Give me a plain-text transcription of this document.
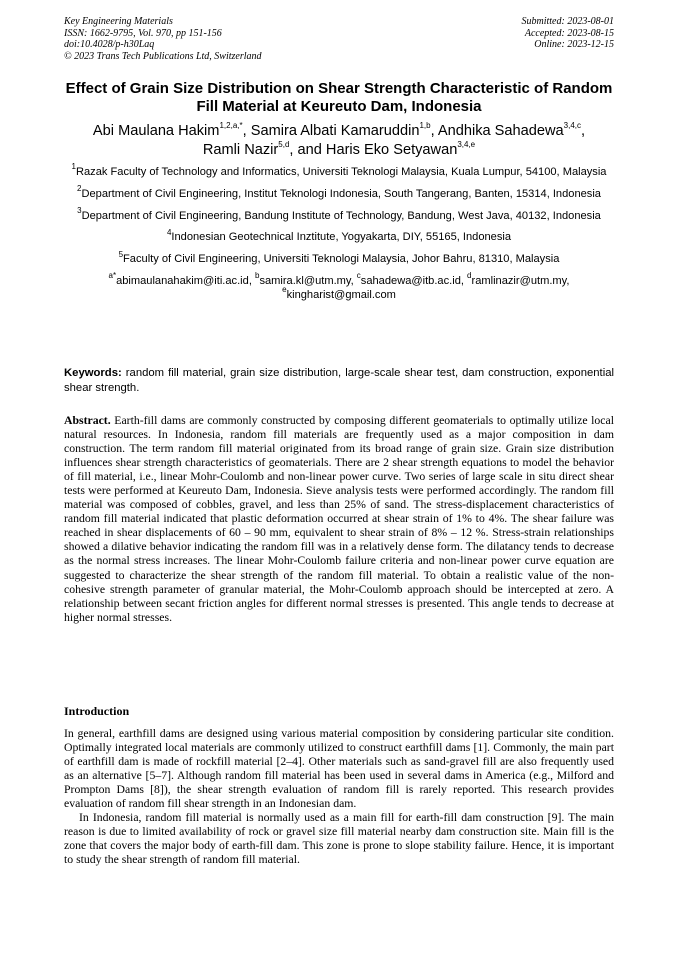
Key Engineering Materials
ISSN: 1662-9795, Vol. 970, pp 151-156
doi:10.4028/p-h30Laq
© 2023 Trans Tech Publications Ltd, Switzerland
Submitted: 2023-08-01
Accepted: 2023-08-15
Online: 2023-12-15
Effect of Grain Size Distribution on Shear Strength Characteristic of Random Fill Material at Keureuto Dam, Indonesia
Abi Maulana Hakim$^{1,2,a,*}$, Samira Albati Kamaruddin$^{1,b}$, Andhika Sahadewa$^{3,4,c}$,
Ramli Nazir$^{5,d}$, and Haris Eko Setyawan$^{3,4,e}$
$^1$Razak Faculty of Technology and Informatics, Universiti Teknologi Malaysia, Kuala Lumpur, 54100, Malaysia
$^2$Department of Civil Engineering, Institut Teknologi Indonesia, South Tangerang, Banten, 15314, Indonesia
$^3$Department of Civil Engineering, Bandung Institute of Technology, Bandung, West Java, 40132, Indonesia
$^4$Indonesian Geotechnical Inztitute, Yogyakarta, DIY, 55165, Indonesia
$^5$Faculty of Civil Engineering, Universiti Teknologi Malaysia, Johor Bahru, 81310, Malaysia
$^{a*}$abimaulanahakim@iti.ac.id, $^b$samira.kl@utm.my, $^c$sahadewa@itb.ac.id, $^d$ramlinazir@utm.my,
$^e$kingharist@gmail.com
Keywords: random fill material, grain size distribution, large-scale shear test, dam construction, exponential shear strength.
Abstract. Earth-fill dams are commonly constructed by composing different geomaterials to optimally utilize local natural resources. In Indonesia, random fill materials are frequently used as a major composition in dam construction. The term random fill material originated from its broad range of grain size. Grain size distribution influences shear strength characteristics of geomaterials. There are 2 shear strength equations to model the behavior of fill material, i.e., linear Mohr-Coulomb and non-linear power curve. Two series of large scale in situ direct shear tests were performed at Keureuto Dam, Indonesia. Sieve analysis tests were performed accordingly. The random fill material was composed of cobbles, gravel, and less than 25% of sand. The stress-displacement characteristics of random fill material indicated that plastic deformation occurred at shear strain of 1% to 4%. The shear failure was reached in shear displacements of 60 – 90 mm, equivalent to shear strain of 8% – 12 %. Stress-strain relationships showed a dilative behavior indicating the random fill was in a relatively dense form. The dilatancy tends to decrease as the normal stress increases. The linear Mohr-Coulomb failure criteria and non-linear power curve equation are suggested to characterize the shear strength of the random fill material. To obtain a realistic value of the non-cohesive strength parameter of granular material, the Mohr-Coulomb approach should be intercepted at zero. A relationship between secant friction angles for different normal stresses is presented. This angle tends to decrease at higher normal stresses.
Introduction

In general, earthfill dams are designed using various material composition by considering particular site condition. Optimally integrated local materials are commonly utilized to construct earthfill dams [1]. Commonly, the main part of earthfill dam is made of rockfill material [2–4]. Other materials such as sand-gravel fill are also frequently used as an alternative [5–7]. Although random fill material has been used in several dams in America (e.g., Milford and Prompton Dams [8]), the shear strength evaluation of random fill is rarely reported. This research provides evaluation of random fill shear strength in an Indonesian dam.

In Indonesia, random fill material is normally used as a main fill for earth-fill dam construction [9]. The main reason is due to limited availability of rock or gravel size fill material nearby dam construction site. Main fill is the zone that covers the major body of earth-fill dam. This zone is prone to slope stability failure. Hence, it is important to study the shear strength of random fill material.
